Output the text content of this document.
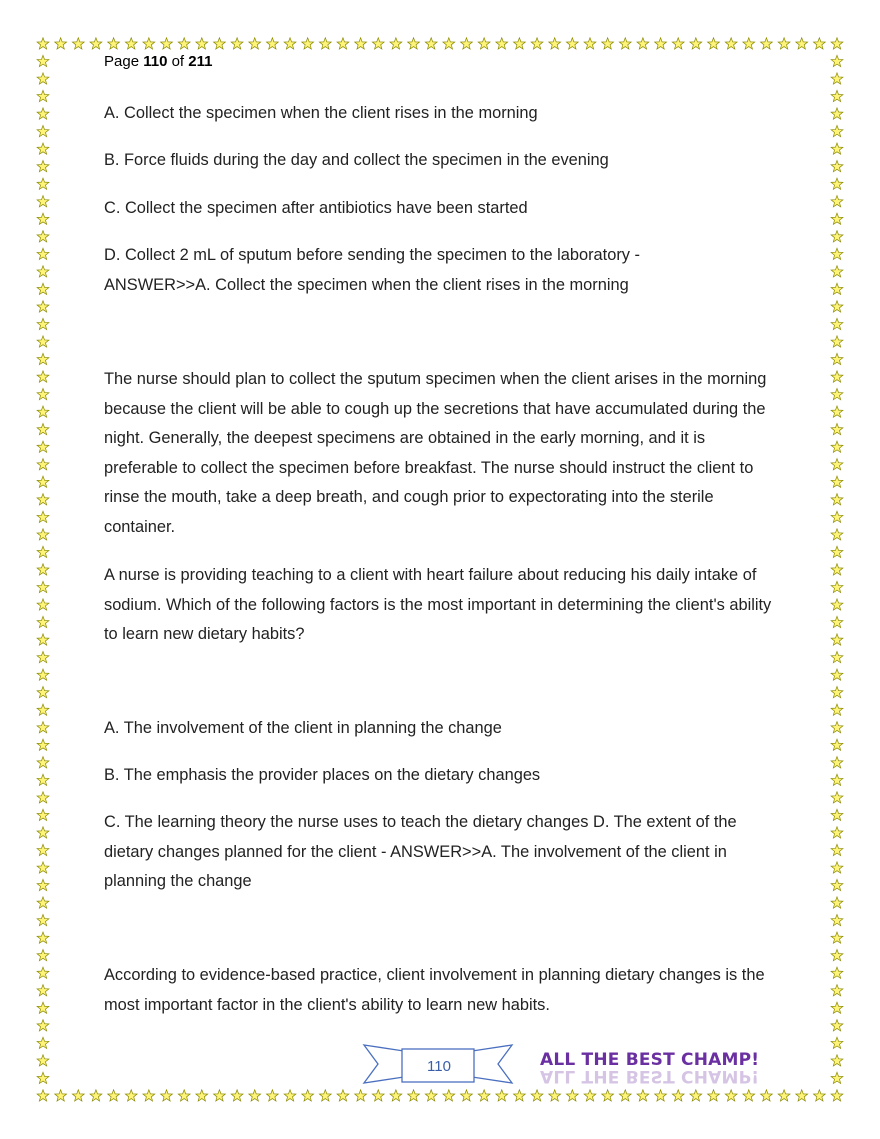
Page 110 of 211

A. Collect the specimen when the client rises in the morning

B. Force fluids during the day and collect the specimen in the evening

C. Collect the specimen after antibiotics have been started

D. Collect 2 mL of sputum before sending the specimen to the laboratory - ANSWER>>A. Collect the specimen when the client rises in the morning

The nurse should plan to collect the sputum specimen when the client arises in the morning because the client will be able to cough up the secretions that have accumulated during the night. Generally, the deepest specimens are obtained in the early morning, and it is preferable to collect the specimen before breakfast. The nurse should instruct the client to rinse the mouth, take a deep breath, and cough prior to expectorating into the sterile container.

A nurse is providing teaching to a client with heart failure about reducing his daily intake of sodium. Which of the following factors is the most important in determining the client's ability to learn new dietary habits?

A. The involvement of the client in planning the change

B. The emphasis the provider places on the dietary changes

C. The learning theory the nurse uses to teach the dietary changes D. The extent of the dietary changes planned for the client - ANSWER>>A. The involvement of the client in planning the change

According to evidence-based practice, client involvement in planning dietary changes is the most important factor in the client's ability to learn new habits.

110	ALL THE BEST CHAMP!
ALL THE BEST CHAMP!
